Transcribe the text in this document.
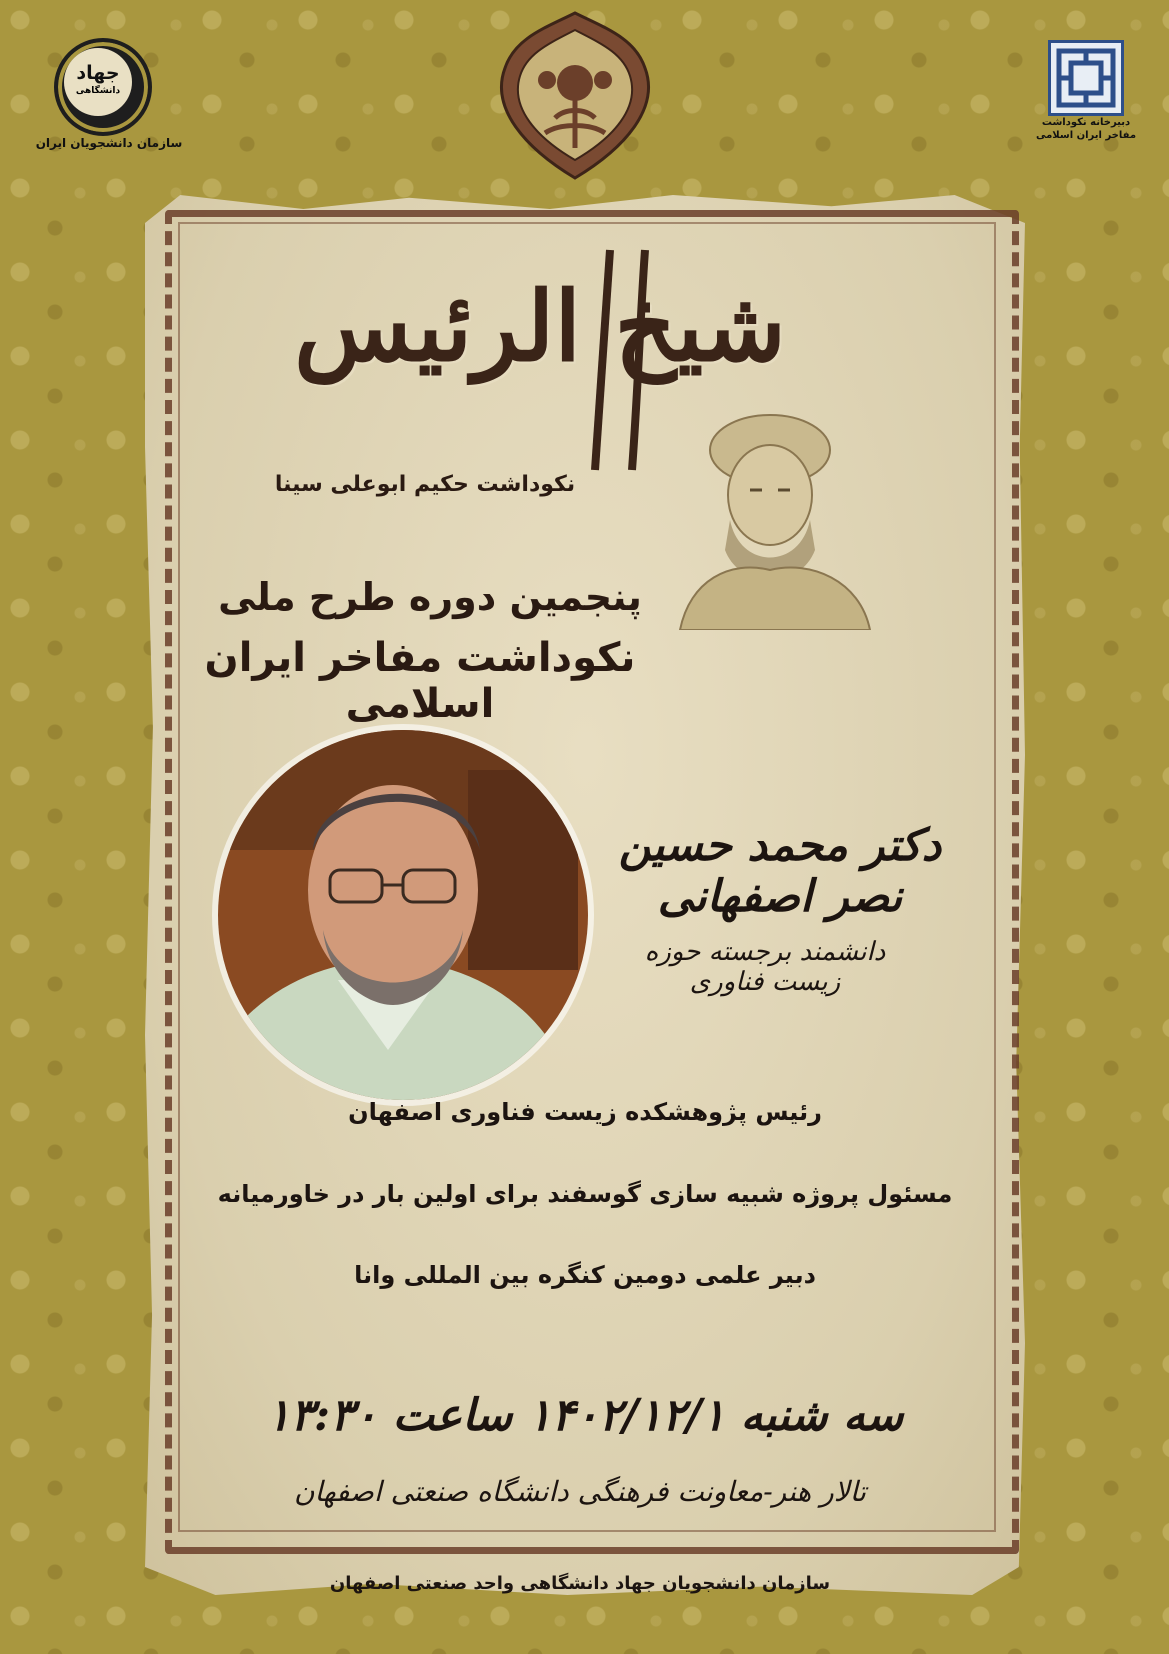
جهاد
دانشگاهی
سازمان دانشجویان ایران
دبیرخانه نکوداشت
مفاخر ایران اسلامی
شیخ الرئیس
نکوداشت حکیم ابوعلی سینا
پنجمین دوره طرح ملی
نکوداشت مفاخر ایران اسلامی
دکتر محمد حسین نصر اصفهانی
دانشمند برجسته حوزه زیست فناوری
رئیس پژوهشکده زیست فناوری اصفهان
مسئول پروژه شبیه سازی گوسفند برای اولین بار در خاورمیانه
دبیر علمی دومین کنگره بین المللی وانا
سه شنبه ۱۴۰۲/۱۲/۱ ساعت ۱۳:۳۰
تالار هنر-معاونت فرهنگی دانشگاه صنعتی اصفهان
سازمان دانشجویان جهاد دانشگاهی واحد صنعتی اصفهان
